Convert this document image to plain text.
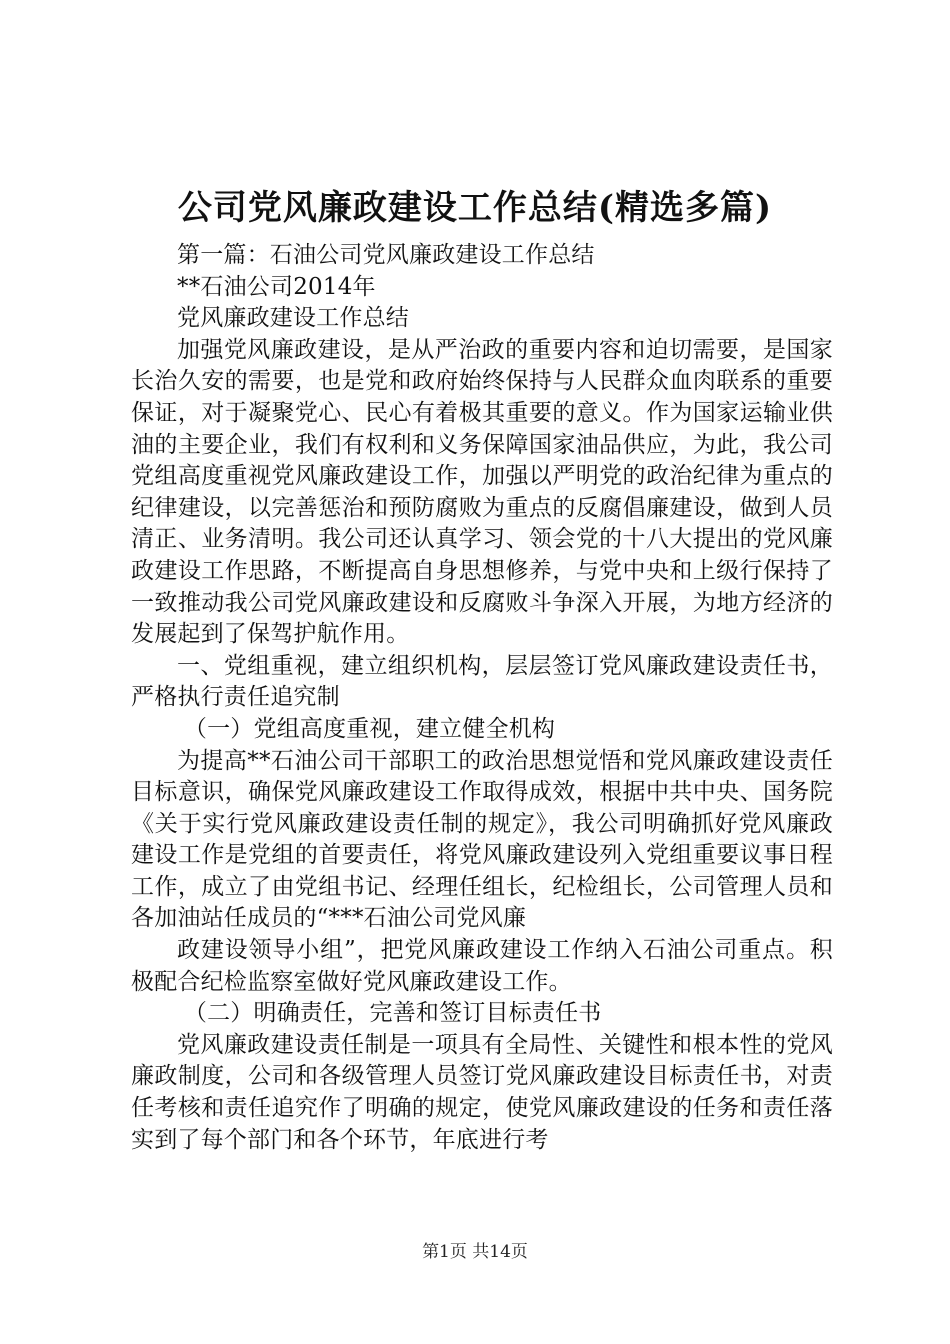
公司党风廉政建设工作总结(精选多篇)

第一篇：石油公司党风廉政建设工作总结

**石油公司2014年

党风廉政建设工作总结

加强党风廉政建设，是从严治政的重要内容和迫切需要，是国家长治久安的需要，也是党和政府始终保持与人民群众血肉联系的重要保证，对于凝聚党心、民心有着极其重要的意义。作为国家运输业供油的主要企业，我们有权利和义务保障国家油品供应，为此，我公司党组高度重视党风廉政建设工作，加强以严明党的政治纪律为重点的纪律建设，以完善惩治和预防腐败为重点的反腐倡廉建设，做到人员清正、业务清明。我公司还认真学习、领会党的十八大提出的党风廉政建设工作思路，不断提高自身思想修养，与党中央和上级行保持了一致推动我公司党风廉政建设和反腐败斗争深入开展，为地方经济的发展起到了保驾护航作用。

一、党组重视，建立组织机构，层层签订党风廉政建设责任书，严格执行责任追究制

（一）党组高度重视，建立健全机构

为提高**石油公司干部职工的政治思想觉悟和党风廉政建设责任目标意识，确保党风廉政建设工作取得成效，根据中共中央、国务院《关于实行党风廉政建设责任制的规定》，我公司明确抓好党风廉政建设工作是党组的首要责任，将党风廉政建设列入党组重要议事日程工作，成立了由党组书记、经理任组长，纪检组长，公司管理人员和各加油站任成员的“***石油公司党风廉

政建设领导小组”，把党风廉政建设工作纳入石油公司重点。积极配合纪检监察室做好党风廉政建设工作。

（二）明确责任，完善和签订目标责任书

党风廉政建设责任制是一项具有全局性、关键性和根本性的党风廉政制度，公司和各级管理人员签订党风廉政建设目标责任书，对责任考核和责任追究作了明确的规定，使党风廉政建设的任务和责任落实到了每个部门和各个环节，年底进行考

第1页 共14页
